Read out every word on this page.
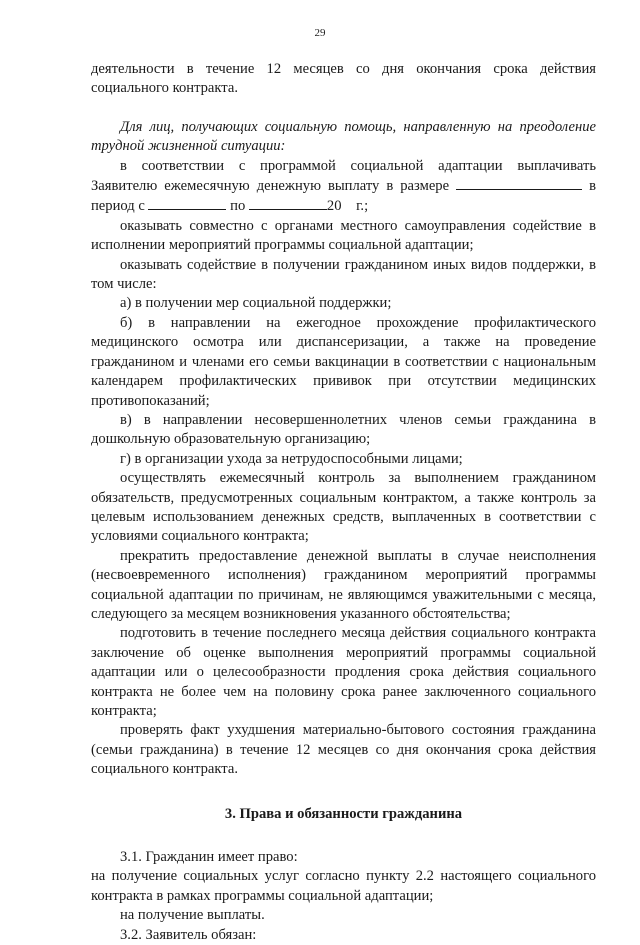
29

деятельности в течение 12 месяцев со дня окончания срока действия социального контракта.

Для лиц, получающих социальную помощь, направленную на преодоление трудной жизненной ситуации:

в соответствии с программой социальной адаптации выплачивать Заявителю ежемесячную денежную выплату в размере	в период с	по	20 г.;

оказывать совместно с органами местного самоуправления содействие в исполнении мероприятий программы социальной адаптации;

оказывать содействие в получении гражданином иных видов поддержки, в том числе:

а) в получении мер социальной поддержки;

б) в направлении на ежегодное прохождение профилактического медицинского осмотра или диспансеризации, а также на проведение гражданином и членами его семьи вакцинации в соответствии с национальным календарем профилактических прививок при отсутствии медицинских противопоказаний;

в) в направлении несовершеннолетних членов семьи гражданина в дошкольную образовательную организацию;

г) в организации ухода за нетрудоспособными лицами;

осуществлять ежемесячный контроль за выполнением гражданином обязательств, предусмотренных социальным контрактом, а также контроль за целевым использованием денежных средств, выплаченных в соответствии с условиями социального контракта;

прекратить предоставление денежной выплаты в случае неисполнения (несвоевременного исполнения) гражданином мероприятий программы социальной адаптации по причинам, не являющимся уважительными с месяца, следующего за месяцем возникновения указанного обстоятельства;

подготовить в течение последнего месяца действия социального контракта заключение об оценке выполнения мероприятий программы социальной адаптации или о целесообразности продления срока действия социального контракта не более чем на половину срока ранее заключенного социального контракта;

проверять факт ухудшения материально-бытового состояния гражданина (семьи гражданина) в течение 12 месяцев со дня окончания срока действия социального контракта.

3. Права и обязанности гражданина

3.1. Гражданин имеет право:

на получение социальных услуг согласно пункту 2.2 настоящего социального контракта в рамках программы социальной адаптации;

на получение выплаты.

3.2. Заявитель обязан:
